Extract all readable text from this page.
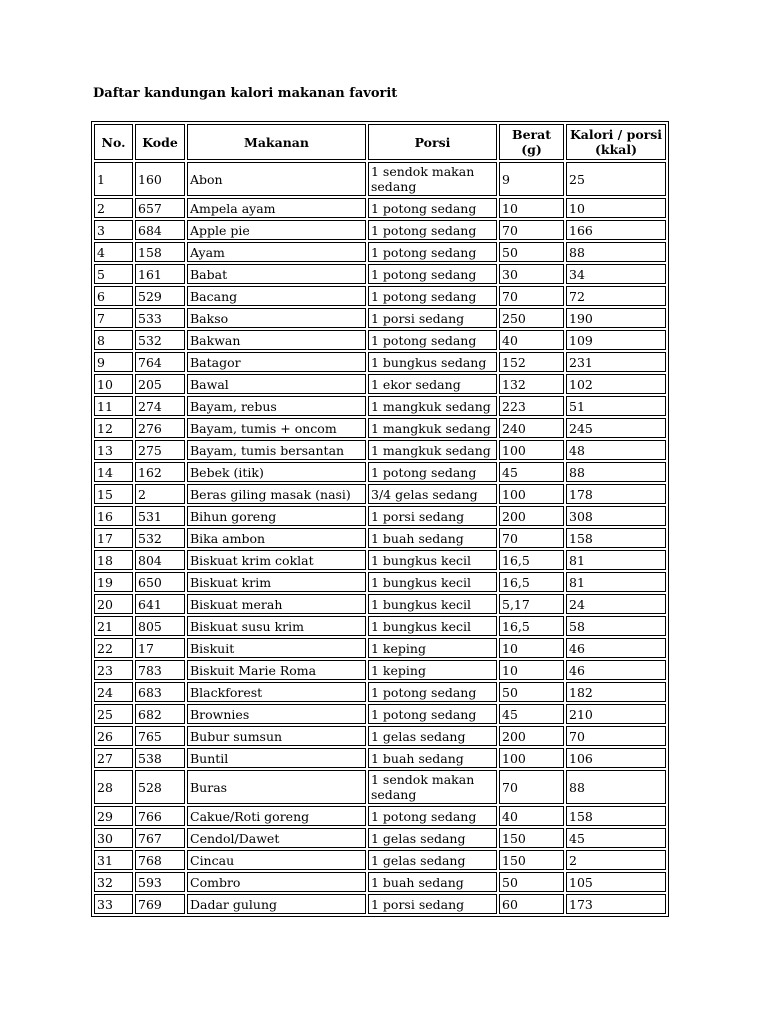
Daftar kandungan kalori makanan favorit
No.	Kode	Makanan	Porsi	Berat (g)	Kalori / porsi (kkal)
1	160	Abon	1 sendok makan sedang	9	25
2	657	Ampela ayam	1 potong sedang	10	10
3	684	Apple pie	1 potong sedang	70	166
4	158	Ayam	1 potong sedang	50	88
5	161	Babat	1 potong sedang	30	34
6	529	Bacang	1 potong sedang	70	72
7	533	Bakso	1 porsi sedang	250	190
8	532	Bakwan	1 potong sedang	40	109
9	764	Batagor	1 bungkus sedang	152	231
10	205	Bawal	1 ekor sedang	132	102
11	274	Bayam, rebus	1 mangkuk sedang	223	51
12	276	Bayam, tumis + oncom	1 mangkuk sedang	240	245
13	275	Bayam, tumis bersantan	1 mangkuk sedang	100	48
14	162	Bebek (itik)	1 potong sedang	45	88
15	2	Beras giling masak (nasi)	3/4 gelas sedang	100	178
16	531	Bihun goreng	1 porsi sedang	200	308
17	532	Bika ambon	1 buah sedang	70	158
18	804	Biskuat krim coklat	1 bungkus kecil	16,5	81
19	650	Biskuat krim	1 bungkus kecil	16,5	81
20	641	Biskuat merah	1 bungkus kecil	5,17	24
21	805	Biskuat susu krim	1 bungkus kecil	16,5	58
22	17	Biskuit	1 keping	10	46
23	783	Biskuit Marie Roma	1 keping	10	46
24	683	Blackforest	1 potong sedang	50	182
25	682	Brownies	1 potong sedang	45	210
26	765	Bubur sumsun	1 gelas sedang	200	70
27	538	Buntil	1 buah sedang	100	106
28	528	Buras	1 sendok makan sedang	70	88
29	766	Cakue/Roti goreng	1 potong sedang	40	158
30	767	Cendol/Dawet	1 gelas sedang	150	45
31	768	Cincau	1 gelas sedang	150	2
32	593	Combro	1 buah sedang	50	105
33	769	Dadar gulung	1 porsi sedang	60	173
